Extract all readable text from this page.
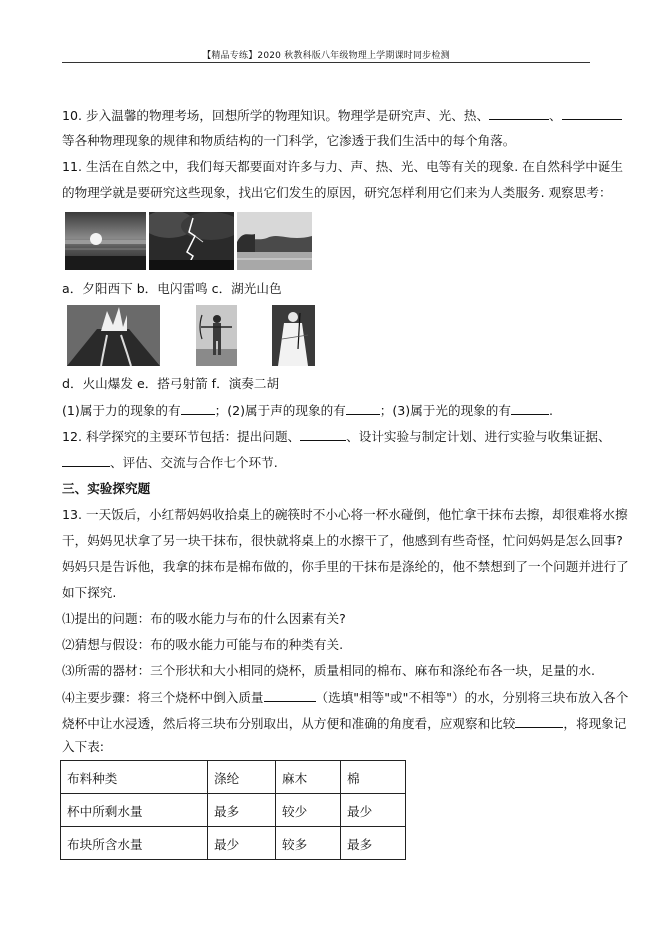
【精品专练】2020 秋教科版八年级物理上学期课时同步检测
10. 步入温馨的物理考场，回想所学的物理知识。物理学是研究声、光、热、	、
等各种物理现象的规律和物质结构的一门科学，它渗透于我们生活中的每个角落。
11. 生活在自然之中，我们每天都要面对许多与力、声、热、光、电等有关的现象. 在自然科学中诞生
的物理学就是要研究这些现象，找出它们发生的原因，研究怎样利用它们来为人类服务. 观察思考：
a．夕阳西下 b．电闪雷鸣 c．湖光山色
d．火山爆发 e．搭弓射箭 f．演奏二胡
(1)属于力的现象的有	；(2)属于声的现象的有	；(3)属于光的现象的有	.
12. 科学探究的主要环节包括：提出问题、	、设计实验与制定计划、进行实验与收集证据、
、评估、交流与合作七个环节.
三、实验探究题
13. 一天饭后，小红帮妈妈收拾桌上的碗筷时不小心将一杯水碰倒，他忙拿干抹布去擦，却很难将水擦
干，妈妈见状拿了另一块干抹布，很快就将桌上的水擦干了，他感到有些奇怪，忙问妈妈是怎么回事?
妈妈只是告诉他，我拿的抹布是棉布做的，你手里的干抹布是涤纶的，他不禁想到了一个问题并进行了
如下探究.
⑴提出的问题：布的吸水能力与布的什么因素有关?
⑵猜想与假设：布的吸水能力可能与布的种类有关.
⑶所需的器材：三个形状和大小相同的烧杯，质量相同的棉布、麻布和涤纶布各一块，足量的水.
⑷主要步骤：将三个烧杯中倒入质量	（选填"相等"或"不相等"）的水，分别将三块布放入各个
烧杯中让水浸透，然后将三块布分别取出，从方便和准确的角度看，应观察和比较	，将现象记
入下表:
布料种类	涤纶	麻木	棉
杯中所剩水量	最多	较少	最少
布块所含水量	最少	较多	最多
